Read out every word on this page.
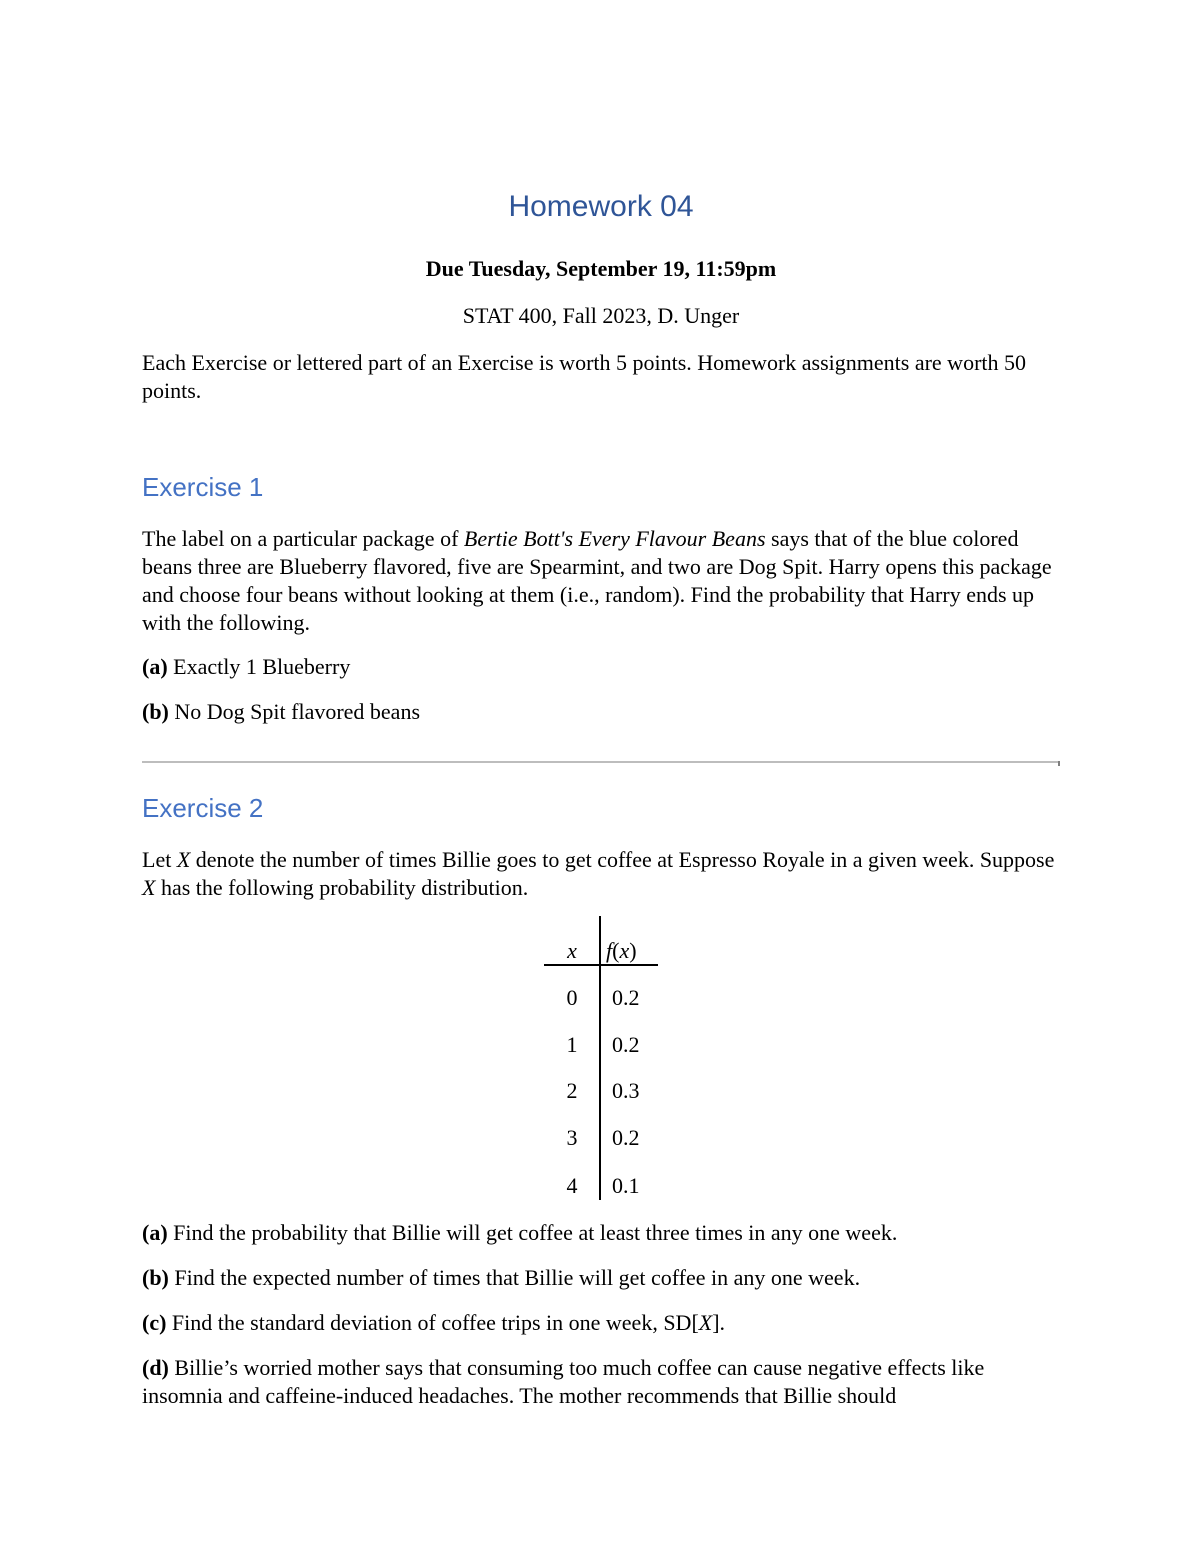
Homework 04
Due Tuesday, September 19, 11:59pm
STAT 400, Fall 2023, D. Unger
Each Exercise or lettered part of an Exercise is worth 5 points. Homework assignments are worth 50 points.
Exercise 1
The label on a particular package of Bertie Bott's Every Flavour Beans says that of the blue colored beans three are Blueberry flavored, five are Spearmint, and two are Dog Spit. Harry opens this package and choose four beans without looking at them (i.e., random). Find the probability that Harry ends up with the following.
(a) Exactly 1 Blueberry
(b) No Dog Spit flavored beans
Exercise 2
Let X denote the number of times Billie goes to get coffee at Espresso Royale in a given week. Suppose X has the following probability distribution.
x	f(x)
0	0.2
1	0.2
2	0.3
3	0.2
4	0.1
(a) Find the probability that Billie will get coffee at least three times in any one week.
(b) Find the expected number of times that Billie will get coffee in any one week.
(c) Find the standard deviation of coffee trips in one week, SD[X].
(d) Billie’s worried mother says that consuming too much coffee can cause negative effects like insomnia and caffeine-induced headaches. The mother recommends that Billie should
